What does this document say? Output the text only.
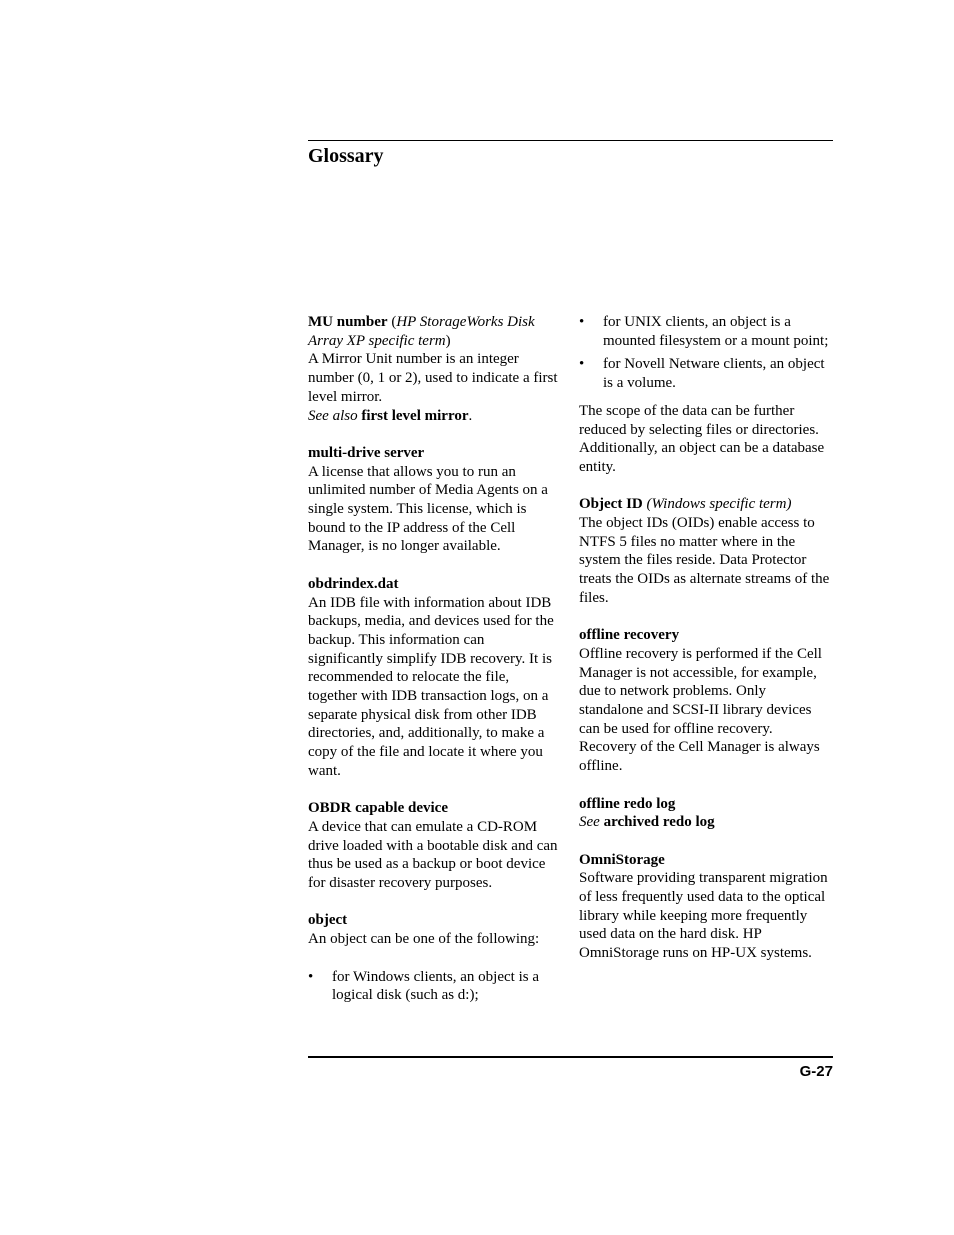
Glossary
MU number (HP StorageWorks Disk Array XP specific term)
A Mirror Unit number is an integer number (0, 1 or 2), used to indicate a first level mirror.
See also first level mirror.
multi-drive server
A license that allows you to run an unlimited number of Media Agents on a single system. This license, which is bound to the IP address of the Cell Manager, is no longer available.
obdrindex.dat
An IDB file with information about IDB backups, media, and devices used for the backup. This information can significantly simplify IDB recovery. It is recommended to relocate the file, together with IDB transaction logs, on a separate physical disk from other IDB directories, and, additionally, to make a copy of the file and locate it where you want.
OBDR capable device
A device that can emulate a CD-ROM drive loaded with a bootable disk and can thus be used as a backup or boot device for disaster recovery purposes.
object
An object can be one of the following:
• for Windows clients, an object is a logical disk (such as d:);
• for UNIX clients, an object is a mounted filesystem or a mount point;
• for Novell Netware clients, an object is a volume.
The scope of the data can be further reduced by selecting files or directories. Additionally, an object can be a database entity.
Object ID (Windows specific term)
The object IDs (OIDs) enable access to NTFS 5 files no matter where in the system the files reside. Data Protector treats the OIDs as alternate streams of the files.
offline recovery
Offline recovery is performed if the Cell Manager is not accessible, for example, due to network problems. Only standalone and SCSI-II library devices can be used for offline recovery. Recovery of the Cell Manager is always offline.
offline redo log
See archived redo log
OmniStorage
Software providing transparent migration of less frequently used data to the optical library while keeping more frequently used data on the hard disk. HP OmniStorage runs on HP-UX systems.
G-27
